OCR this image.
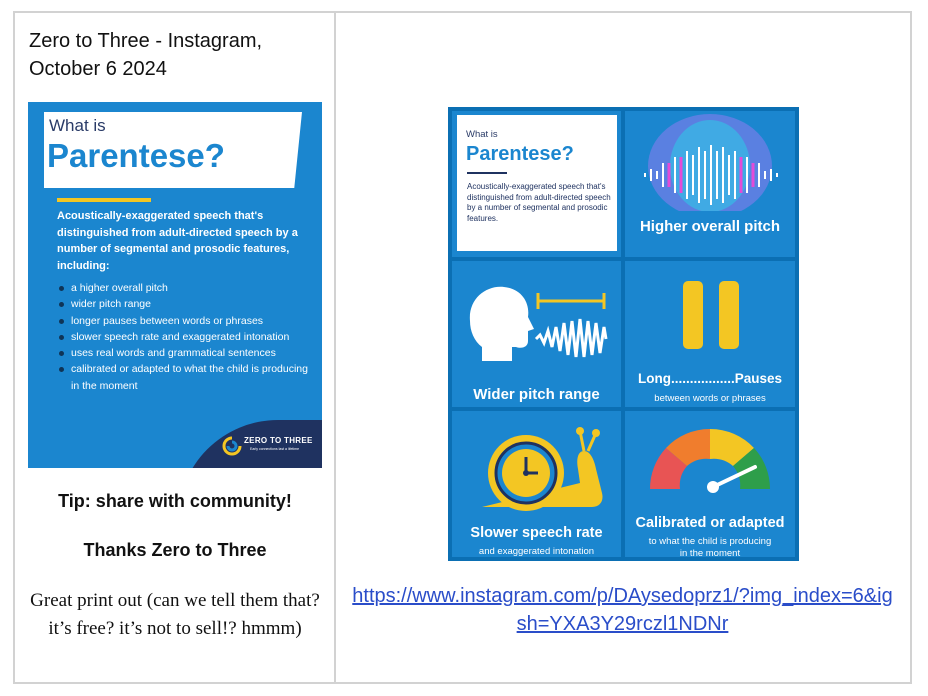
Zero to Three - Instagram,
October 6 2024
What is
Parentese?
Acoustically-exaggerated speech that's distinguished from adult-directed speech by a number of segmental and prosodic features, including:
a higher overall pitch
wider pitch range
longer pauses between words or phrases
slower speech rate and exaggerated intonation
uses real words and grammatical sentences
calibrated or adapted to what the child is producing in the moment
ZERO TO THREE
Early connections last a lifetime
Tip: share with community!
Thanks Zero to Three
Great print out (can we tell them that? it’s free? it’s not to sell!? hmmm)
What is
Parentese?
Acoustically-exaggerated speech that's distinguished from adult-directed speech by a number of segmental and prosodic features.	Higher overall pitch
Wider pitch range
Long.................Pauses
between words or phrases
Slower speech rate
and exaggerated intonation
Calibrated or adapted
to what the child is producing in the moment
https://www.instagram.com/p/DAysedoprz1/?img_index=6&igsh=YXA3Y29rczl1NDNr
